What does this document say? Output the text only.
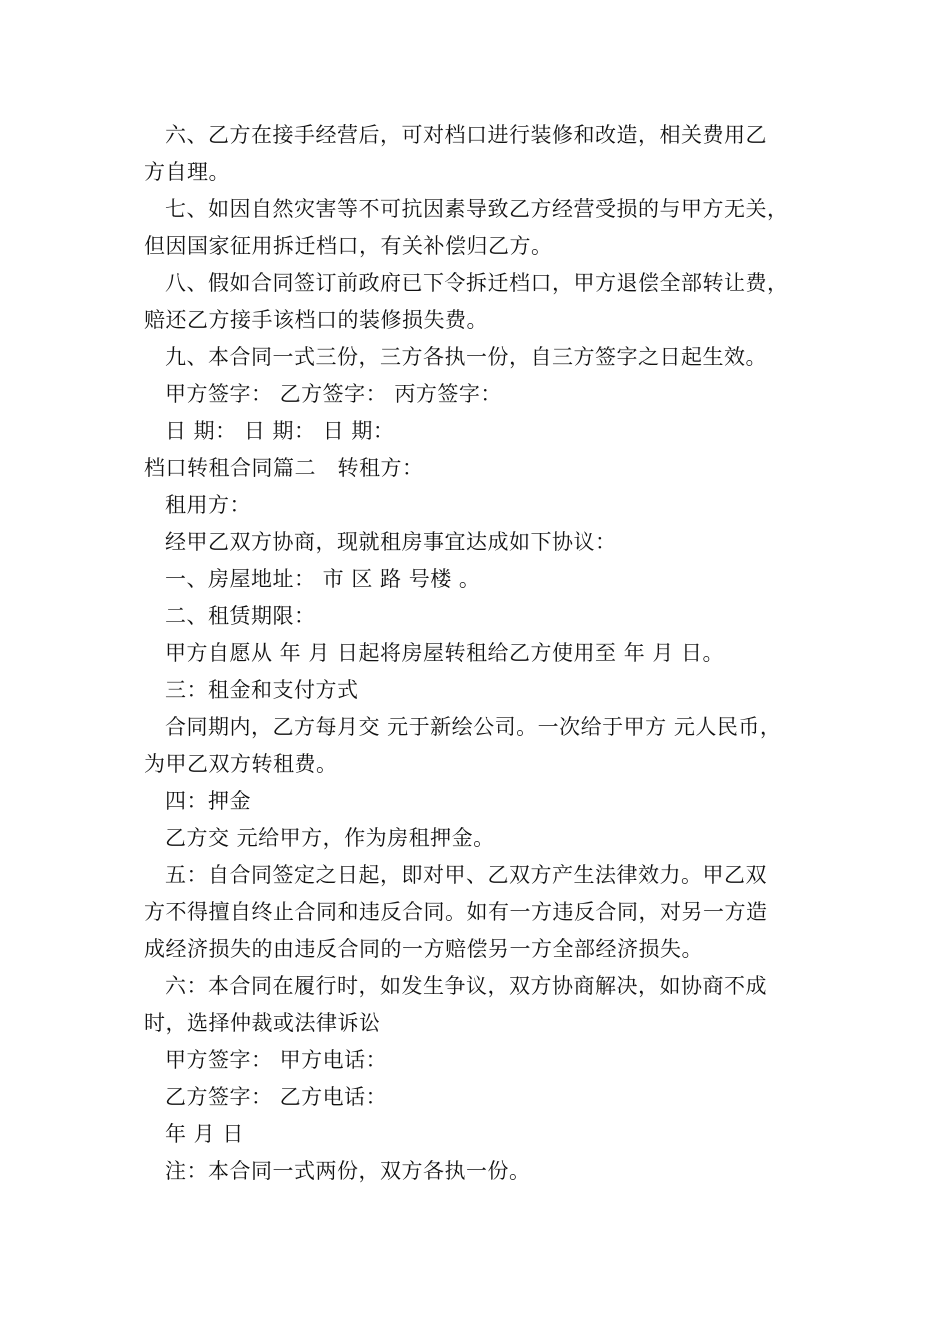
六、乙方在接手经营后，可对档口进行装修和改造，相关费用乙
方自理。
七、如因自然灾害等不可抗因素导致乙方经营受损的与甲方无关，
但因国家征用拆迁档口，有关补偿归乙方。
八、假如合同签订前政府已下令拆迁档口，甲方退偿全部转让费，
赔还乙方接手该档口的装修损失费。
九、本合同一式三份，三方各执一份，自三方签字之日起生效。
甲方签字： 乙方签字： 丙方签字：
日 期： 日 期： 日 期：
档口转租合同篇二　转租方：
租用方：
经甲乙双方协商，现就租房事宜达成如下协议：
一、房屋地址： 市 区 路 号楼 。
二、租赁期限：
甲方自愿从 年 月 日起将房屋转租给乙方使用至 年 月 日。
三：租金和支付方式
合同期内，乙方每月交 元于新绘公司。一次给于甲方 元人民币，
为甲乙双方转租费。
四：押金
乙方交 元给甲方，作为房租押金。
五：自合同签定之日起，即对甲、乙双方产生法律效力。甲乙双
方不得擅自终止合同和违反合同。如有一方违反合同，对另一方造
成经济损失的由违反合同的一方赔偿另一方全部经济损失。
六：本合同在履行时，如发生争议，双方协商解决，如协商不成
时，选择仲裁或法律诉讼
甲方签字： 甲方电话：
乙方签字： 乙方电话：
年 月 日
注：本合同一式两份，双方各执一份。
